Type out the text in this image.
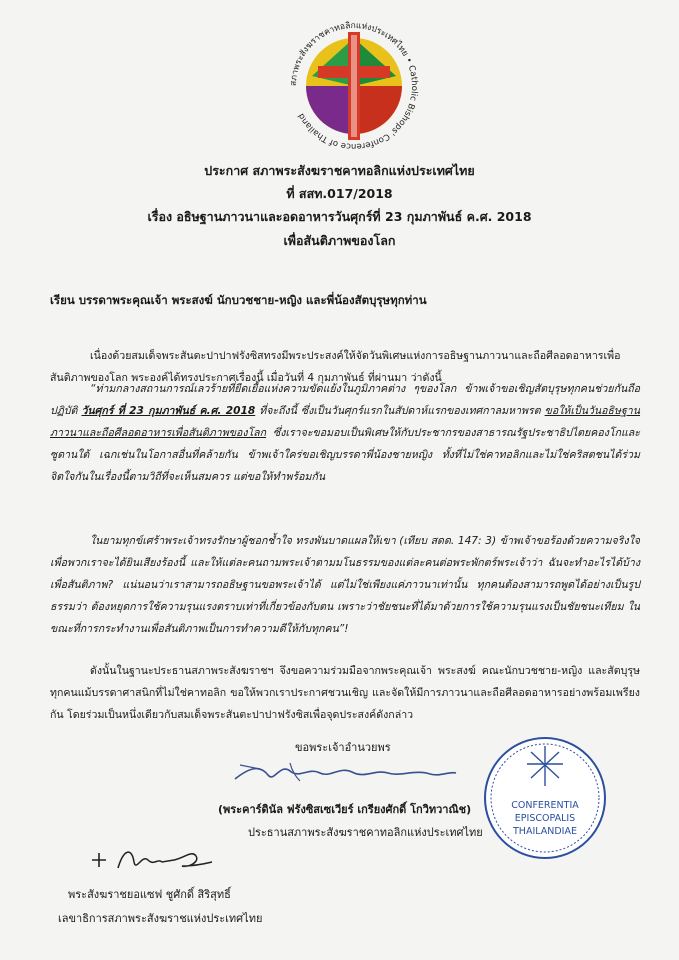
สภาพระสังฆราชคาทอลิกแห่งประเทศไทย • Catholic Bishops' Conference of Thailand
ประกาศ สภาพระสังฆราชคาทอลิกแห่งประเทศไทย
ที่ สสท.017/2018
เรื่อง อธิษฐานภาวนาและอดอาหารวันศุกร์ที่ 23 กุมภาพันธ์ ค.ศ. 2018
เพื่อสันติภาพของโลก
เรียน บรรดาพระคุณเจ้า พระสงฆ์ นักบวชชาย-หญิง และพี่น้องสัตบุรุษทุกท่าน
เนื่องด้วยสมเด็จพระสันตะปาปาฟรังซิสทรงมีพระประสงค์ให้จัดวันพิเศษแห่งการอธิษฐานภาวนาและถือศีลอดอาหารเพื่อสันติภาพของโลก พระองค์ได้ทรงประกาศเรื่องนี้ เมื่อวันที่ 4 กุมภาพันธ์ ที่ผ่านมา ว่าดังนี้
“ท่ามกลางสถานการณ์เลวร้ายที่ยืดเยื้อแห่งความขัดแย้งในภูมิภาคต่าง ๆของโลก ข้าพเจ้าขอเชิญสัตบุรุษทุกคนช่วยกันถือปฏิบัติ วันศุกร์ ที่ 23 กุมภาพันธ์ ค.ศ. 2018 ที่จะถึงนี้ ซึ่งเป็นวันศุกร์แรกในสัปดาห์แรกของเทศกาลมหาพรต ขอให้เป็นวันอธิษฐานภาวนาและถือศีลอดอาหารเพื่อสันติภาพของโลก ซึ่งเราจะขอมอบเป็นพิเศษให้กับประชากรของสาธารณรัฐประชาธิปไตยคองโกและซูดานใต้ เฉกเช่นในโอกาสอื่นที่คล้ายกัน ข้าพเจ้าใคร่ขอเชิญบรรดาพี่น้องชายหญิง ทั้งที่ไม่ใช่คาทอลิกและไม่ใช่คริสตชนได้ร่วมจิตใจกันในเรื่องนี้ตามวิถีที่จะเห็นสมควร แต่ขอให้ทำพร้อมกัน
ในยามทุกข์เศร้าพระเจ้าทรงรักษาผู้ชอกช้ำใจ ทรงพันบาดแผลให้เขา (เทียบ สดด. 147: 3) ข้าพเจ้าขอร้องด้วยความจริงใจเพื่อพวกเราจะได้ยินเสียงร้องนี้ และให้แต่ละคนถามพระเจ้าตามมโนธรรมของแต่ละคนต่อพระพักตร์พระเจ้าว่า ฉันจะทำอะไรได้บ้างเพื่อสันติภาพ? แน่นอนว่าเราสามารถอธิษฐานขอพระเจ้าได้ แต่ไม่ใช่เพียงแค่ภาวนาเท่านั้น ทุกคนต้องสามารถพูดได้อย่างเป็นรูปธรรมว่า ต้องหยุดการใช้ความรุนแรงตราบเท่าที่เกี่ยวข้องกับตน เพราะว่าชัยชนะที่ได้มาด้วยการใช้ความรุนแรงเป็นชัยชนะเทียม ในขณะที่การกระทำงานเพื่อสันติภาพเป็นการทำความดีให้กับทุกคน”!
ดังนั้นในฐานะประธานสภาพระสังฆราชฯ จึงขอความร่วมมือจากพระคุณเจ้า พระสงฆ์ คณะนักบวชชาย-หญิง และสัตบุรุษทุกคนแม้บรรดาศาสนิกที่ไม่ใช่คาทอลิก ขอให้พวกเราประกาศชวนเชิญ และจัดให้มีการภาวนาและถือศีลอดอาหารอย่างพร้อมเพรียงกัน โดยร่วมเป็นหนึ่งเดียวกับสมเด็จพระสันตะปาปาฟรังซิสเพื่อจุดประสงค์ดังกล่าว
ขอพระเจ้าอำนวยพร
(พระคาร์ดินัล ฟรังซิสเซเวียร์ เกรียงศักดิ์ โกวิทวาณิช)
ประธานสภาพระสังฆราชคาทอลิกแห่งประเทศไทย
CONFERENTIA
EPISCOPALIS
THAILANDIAE
พระสังฆราชยอแซฟ ชูศักดิ์ สิริสุทธิ์
เลขาธิการสภาพระสังฆราชแห่งประเทศไทย
